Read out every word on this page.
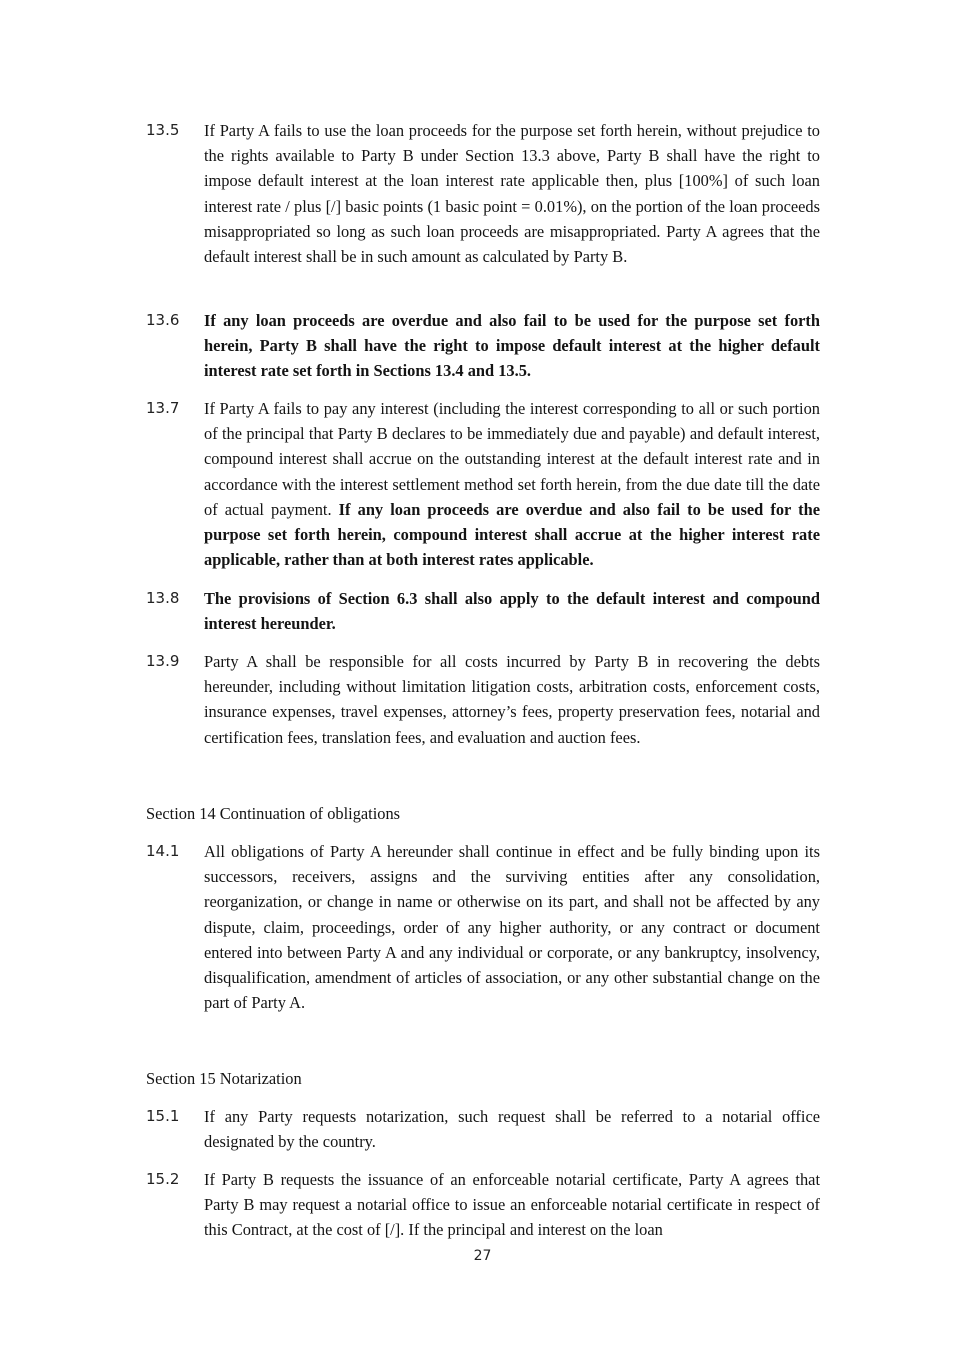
13.5 If Party A fails to use the loan proceeds for the purpose set forth herein, without prejudice to the rights available to Party B under Section 13.3 above, Party B shall have the right to impose default interest at the loan interest rate applicable then, plus [100%] of such loan interest rate / plus [/] basic points (1 basic point = 0.01%), on the portion of the loan proceeds misappropriated so long as such loan proceeds are misappropriated. Party A agrees that the default interest shall be in such amount as calculated by Party B.
13.6 If any loan proceeds are overdue and also fail to be used for the purpose set forth herein, Party B shall have the right to impose default interest at the higher default interest rate set forth in Sections 13.4 and 13.5.
13.7 If Party A fails to pay any interest (including the interest corresponding to all or such portion of the principal that Party B declares to be immediately due and payable) and default interest, compound interest shall accrue on the outstanding interest at the default interest rate and in accordance with the interest settlement method set forth herein, from the due date till the date of actual payment. If any loan proceeds are overdue and also fail to be used for the purpose set forth herein, compound interest shall accrue at the higher interest rate applicable, rather than at both interest rates applicable.
13.8 The provisions of Section 6.3 shall also apply to the default interest and compound interest hereunder.
13.9 Party A shall be responsible for all costs incurred by Party B in recovering the debts hereunder, including without limitation litigation costs, arbitration costs, enforcement costs, insurance expenses, travel expenses, attorney’s fees, property preservation fees, notarial and certification fees, translation fees, and evaluation and auction fees.
Section 14 Continuation of obligations
14.1 All obligations of Party A hereunder shall continue in effect and be fully binding upon its successors, receivers, assigns and the surviving entities after any consolidation, reorganization, or change in name or otherwise on its part, and shall not be affected by any dispute, claim, proceedings, order of any higher authority, or any contract or document entered into between Party A and any individual or corporate, or any bankruptcy, insolvency, disqualification, amendment of articles of association, or any other substantial change on the part of Party A.
Section 15 Notarization
15.1 If any Party requests notarization, such request shall be referred to a notarial office designated by the country.
15.2 If Party B requests the issuance of an enforceable notarial certificate, Party A agrees that Party B may request a notarial office to issue an enforceable notarial certificate in respect of this Contract, at the cost of [/]. If the principal and interest on the loan
27
